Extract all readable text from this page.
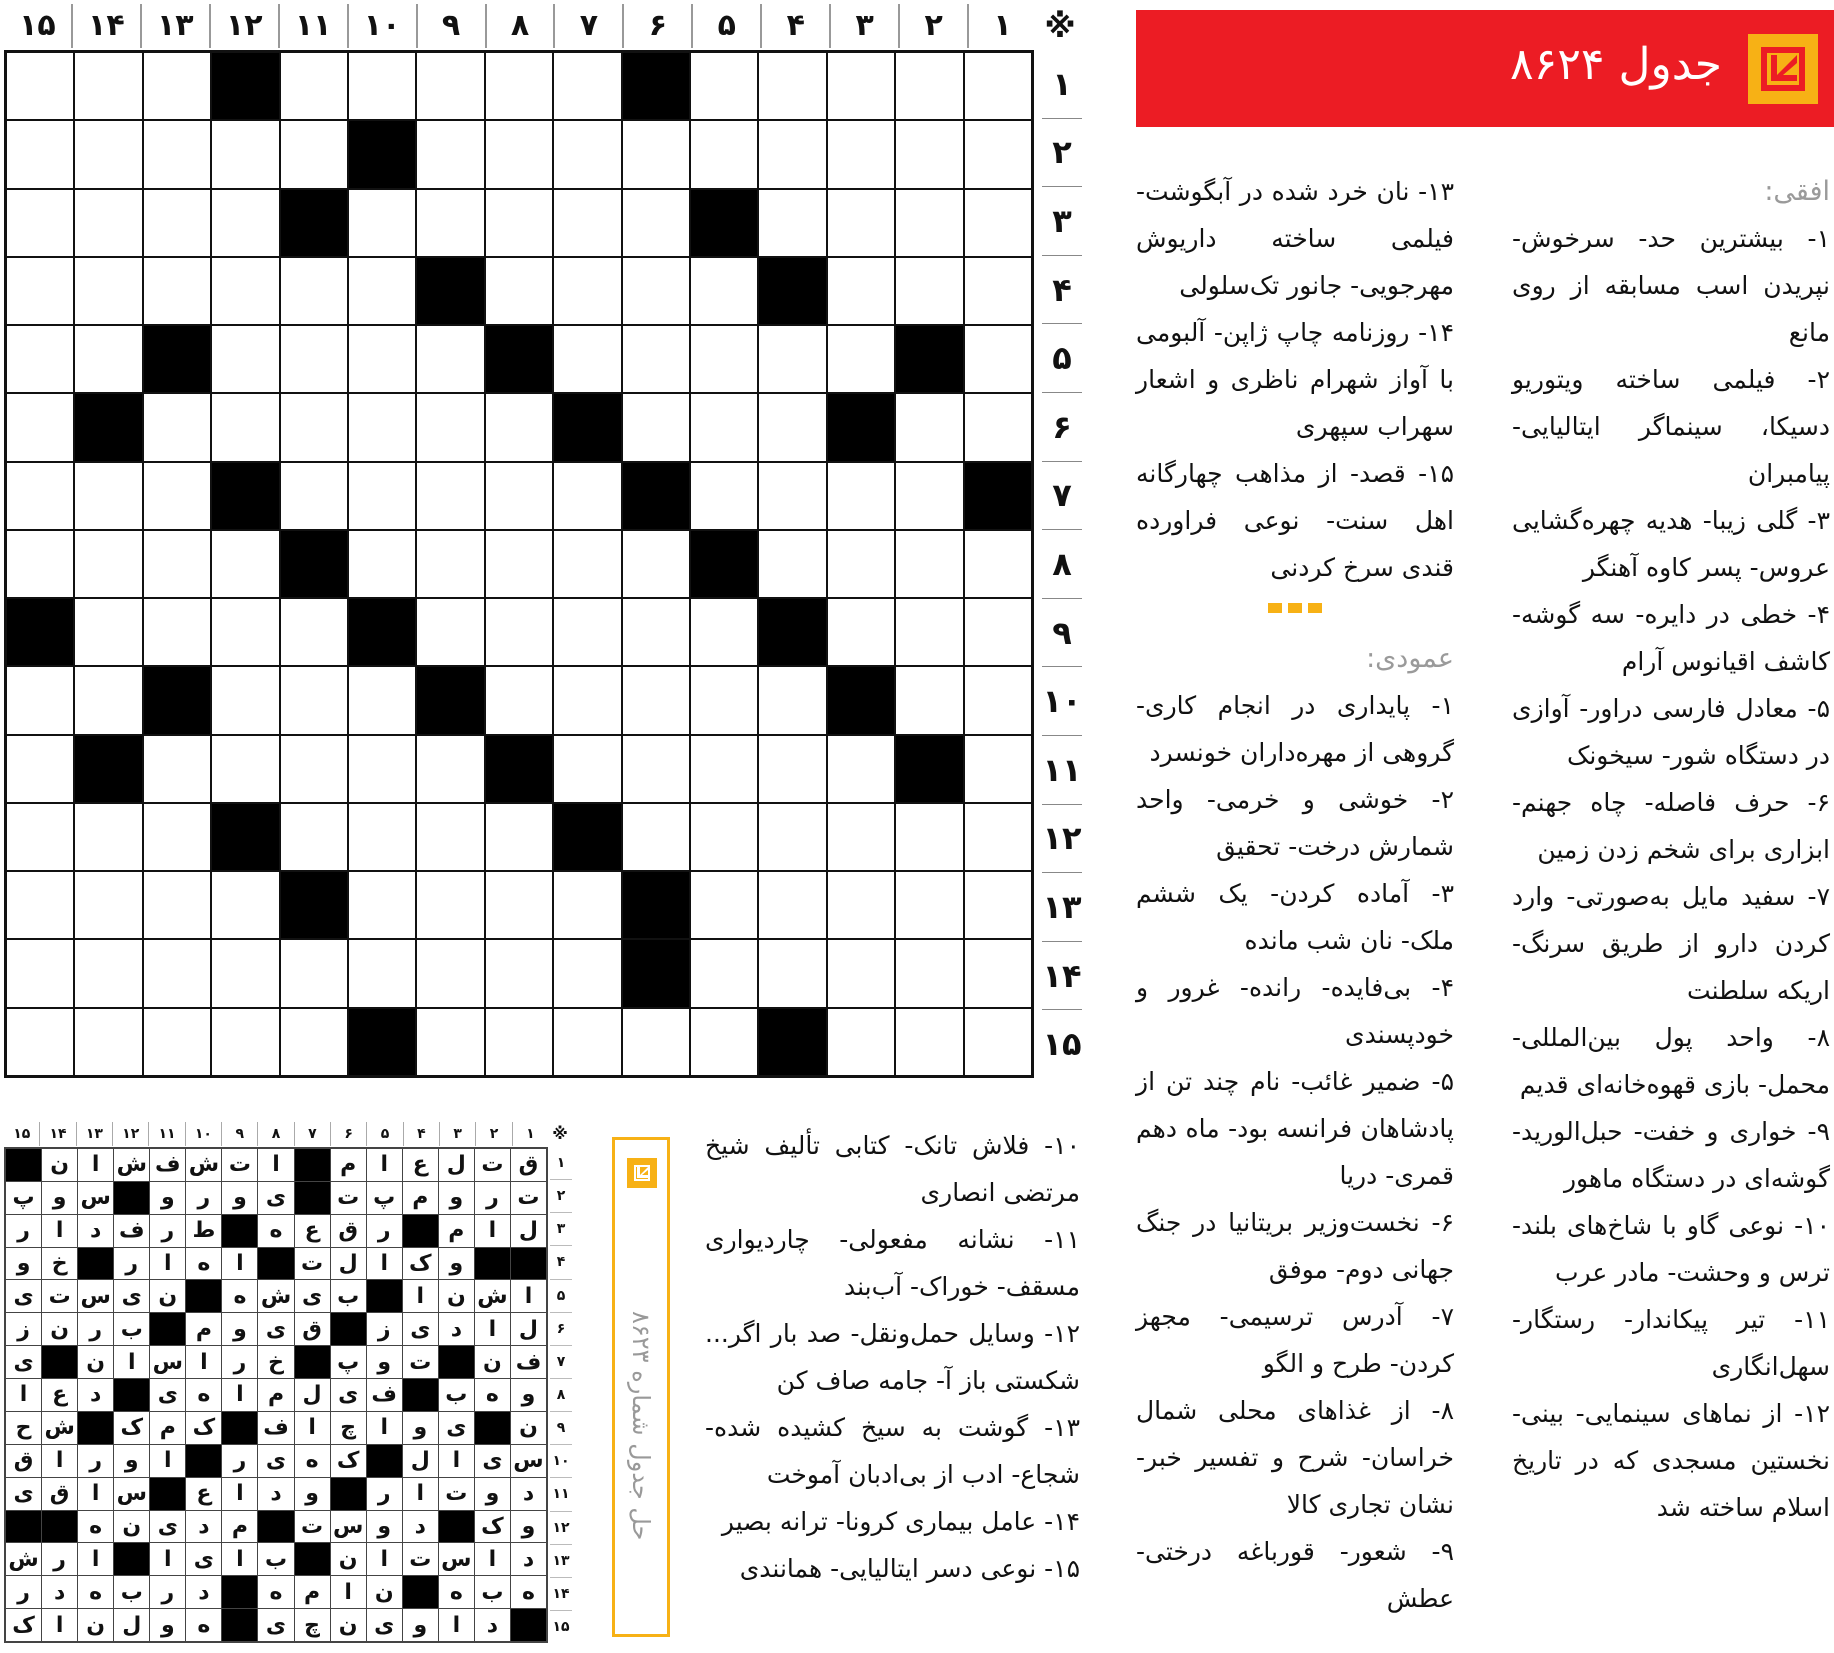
۱
۲
۳
۴
۵
۶
۷
۸
۹
۱۰
۱۱
۱۲
۱۳
۱۴
۱۵	※
۱
۲
۳
۴
۵
۶
۷
۸
۹
۱۰
۱۱
۱۲
۱۳
۱۴
۱۵
جدول ۸۶۲۴
افقی:
۱- بیشترین حد- سرخوش- نپریدن اسب مسابقه از روی مانع
۲- فیلمی ساخته ویتوریو دسیکا، سینماگر ایتالیایی- پیامبران
۳- گلی زیبا- هدیه چهره‌گشایی عروس- پسر کاوه آهنگر
۴- خطی در دایره- سه گوشه- کاشف اقیانوس آرام
۵- معادل فارسی دراور- آوازی در دستگاه شور- سیخونک
۶- حرف فاصله- چاه جهنم- ابزاری برای شخم زدن زمین
۷- سفید مایل به‌صورتی- وارد کردن دارو از طریق سرنگ- اریکه سلطنت
۸- واحد پول بین‌المللی- محمل- بازی قهوه‌خانه‌ای قدیم
۹- خواری و خفت- حبل‌الورید- گوشه‌ای در دستگاه ماهور
۱۰- نوعی گاو با شاخ‌های بلند- ترس و وحشت- مادر عرب
۱۱- تیر پیکاندار- رستگار- سهل‌انگاری
۱۲- از نماهای سینمایی- بینی- نخستین مسجدی که در تاریخ اسلام ساخته شد
۱۳- نان خرد شده در آبگوشت- فیلمی ساخته داریوش مهرجویی- جانور تک‌سلولی
۱۴- روزنامه چاپ ژاپن- آلبومی با آواز شهرام ناظری و اشعار سهراب سپهری
۱۵- قصد- از مذاهب چهارگانه اهل سنت- نوعی فراورده قندی سرخ کردنی
عمودی:
۱- پایداری در انجام کاری- گروهی از مهره‌داران خونسرد
۲- خوشی و خرمی- واحد شمارش درخت- تحقیق
۳- آماده کردن- یک ششم ملک- نان شب مانده
۴- بی‌فایده- رانده- غرور و خودپسندی
۵- ضمیر غائب- نام چند تن از پادشاهان فرانسه بود- ماه دهم قمری- دریا
۶- نخست‌وزیر بریتانیا در جنگ جهانی دوم- موفق
۷- آدرس ترسیمی- مجهز کردن- طرح و الگو
۸- از غذاهای محلی شمال خراسان- شرح و تفسیر خبر- نشان تجاری کالا
۹- شعور- قورباغه درختی- عطش
۱۰- فلاش تانک- کتابی تألیف شیخ مرتضی انصاری
۱۱- نشانه مفعولی- چاردیواری مسقف- خوراک- آب‌بند
۱۲- وسایل حمل‌ونقل- صد بار اگر... شکستی باز آ- جامه صاف کن
۱۳- گوشت به سیخ کشیده شده- شجاع- ادب از بی‌ادبان آموخت
۱۴- عامل بیماری کرونا- ترانه بصیر
۱۵- نوعی دسر ایتالیایی- همانندی
۱
۲
۳
۴
۵
۶
۷
۸
۹
۱۰
۱۱
۱۲
۱۳
۱۴
۱۵	※
ق
ت
ل
ع
ا
م
ا
ت
ش
ف
ش
ا
ن
ت
ر
و
م
پ
ت
ی
و
ر
و
س
و
پ
ل
ا
م
ر
ق
ع
ه
ط
ر
ف
د
ا
ر
و
ک
ا
ل
ت
ا
ه
ا
ر
خ
و
ا
ش
ن
ا
ب
ی
ش
ه
ن
ی
س
ت
ی
ل
ا
د
ی
ز
ق
ی
و
م
ب
ر
ن
ز
ف
ن
ت
و
پ
خ
ر
ا
س
ا
ن
ی
و
ه
ب
ف
ی
ل
م
ا
ه
ی
د
ع
ا
ن
ی
و
ا
چ
ا
ف
ک
م
ک
ش
ح
س
ی
ا
ل
ک
ه
ی
ر
ا
و
ر
ا
ق
د
و
ت
ا
ر
و
د
ا
ع
س
ا
ق
ی
و
ک
د
و
س
ت
م
د
ی
ن
ه
د
ا
س
ت
ا
ن
ب
ا
ی
ا
ا
ر
ش
ه
ب
ه
ن
ا
م
ه
د
ر
ب
ه
د
ر
د
ا
و
ی
ن
چ
ی
ه
و
ل
ن
ا
ک
۱
۲
۳
۴
۵
۶
۷
۸
۹
۱۰
۱۱
۱۲
۱۳
۱۴
۱۵
حل جدول شماره ۸۶۲۳
